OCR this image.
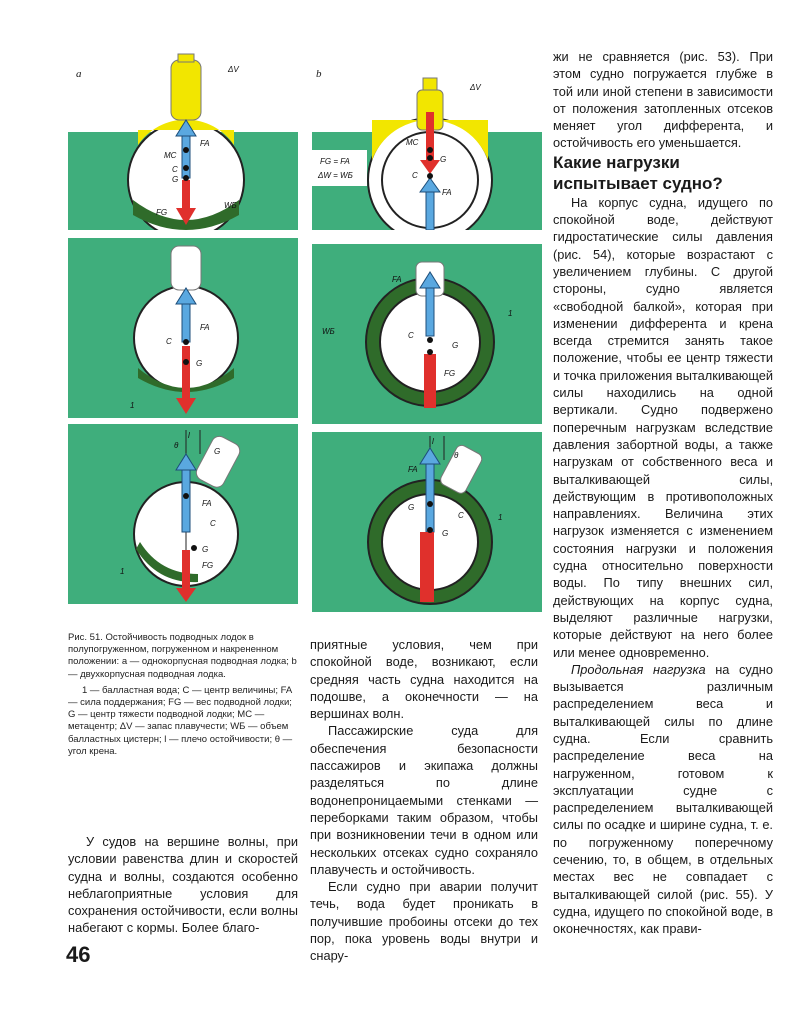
a	b
ΔV
FA
MC
C
G
FG
WБ
FG = FA
ΔW = WБ
ΔV
MC
G
C
FA
FA
C
G
1
FA
WБ	C
G
FG
1
l
G
θ
FA
C
G
FG
1
l
θ
FA
G
C
G
1

Рис. 51. Остойчивость подводных лодок в полупогруженном, погруженном и накрененном положении: a — однокорпусная подводная лодка; b — двухкорпусная подводная лодка.

1 — балластная вода; C — центр величины; FA — сила поддержания; FG — вес подводной лодки; G — центр тяжести подводной лодки; MC — метацентр; ΔV — запас плавучести; WБ — объем балластных цистерн; l — плечо остойчивости; θ — угол крена.

У судов на вершине волны, при условии равенства длин и скоростей судна и волны, создаются особенно неблагоприятные условия для сохранения остойчивости, если волны набегают с кормы. Более благо-

приятные условия, чем при спокойной воде, возникают, если средняя часть судна находится на подошве, а оконечности — на вершинах волн.

Пассажирские суда для обеспечения безопасности пассажиров и экипажа должны разделяться по длине водонепроницаемыми стенками — переборками таким образом, чтобы при возникновении течи в одном или нескольких отсеках судно сохраняло плавучесть и остойчивость.

Если судно при аварии получит течь, вода будет проникать в получившие пробоины отсеки до тех пор, пока уровень воды внутри и снару-

жи не сравняется (рис. 53). При этом судно погружается глубже в той или иной степени в зависимости от положения затопленных отсеков меняет угол дифферента, и остойчивость его уменьшается.

Какие нагрузки испытывает судно?

На корпус судна, идущего по спокойной воде, действуют гидростатические силы давления (рис. 54), которые возрастают с увеличением глубины. С другой стороны, судно является «свободной балкой», которая при изменении дифферента и крена всегда стремится занять такое положение, чтобы ее центр тяжести и точка приложения выталкивающей силы находились на одной вертикали. Судно подвержено поперечным нагрузкам вследствие давления забортной воды, а также нагрузкам от собственного веса и выталкивающей силы, действующим в противоположных направлениях. Величина этих нагрузок изменяется с изменением состояния нагрузки и положения судна относительно поверхности воды. По типу внешних сил, действующих на корпус судна, выделяют различные нагрузки, которые действуют на него более или менее одновременно.

Продольная нагрузка на судно вызывается различным распределением веса и выталкивающей силы по длине судна. Если сравнить распределение веса на нагруженном, готовом к эксплуатации судне с распределением выталкивающей силы по осадке и ширине судна, т. е. по погруженному поперечному сечению, то, в общем, в отдельных местах вес не совпадает с выталкивающей силой (рис. 55). У судна, идущего по спокойной воде, в оконечностях, как прави-

46
